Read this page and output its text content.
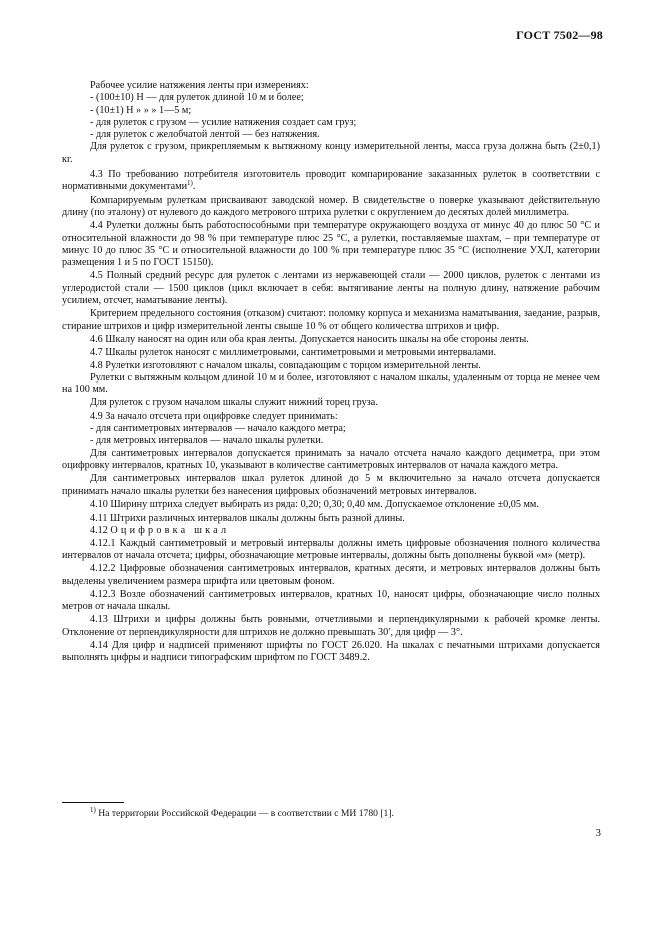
ГОСТ 7502—98

Рабочее усилие натяжения ленты при измерениях:

- (100±10) Н — для рулеток длиной 10 м и более;

- (10±1) Н » » » 1—5 м;

- для рулеток с грузом — усилие натяжения создает сам груз;

- для рулеток с желобчатой лентой — без натяжения.

Для рулеток с грузом, прикрепляемым к вытяжному концу измерительной ленты, масса груза должна быть (2±0,1) кг.

4.3 По требованию потребителя изготовитель проводит компарирование заказанных рулеток в соответствии с нормативными документами$^{1)}$.

Компарируемым рулеткам присваивают заводской номер. В свидетельстве о поверке указывают действительную длину (по эталону) от нулевого до каждого метрового штриха рулетки с округлением до десятых долей миллиметра.

4.4 Рулетки должны быть работоспособными при температуре окружающего воздуха от минус 40 до плюс 50 °С и относительной влажности до 98 % при температуре плюс 25 °С, а рулетки, поставляемые шахтам, – при температуре от минус 10 до плюс 35 °С и относительной влажности до 100 % при температуре плюс 35 °С (исполнение УХЛ, категории размещения 1 и 5 по ГОСТ 15150).

4.5 Полный средний ресурс для рулеток с лентами из нержавеющей стали — 2000 циклов, рулеток с лентами из углеродистой стали — 1500 циклов (цикл включает в себя: вытягивание ленты на полную длину, натяжение рабочим усилием, отсчет, наматывание ленты).

Критерием предельного состояния (отказом) считают: поломку корпуса и механизма наматывания, заедание, разрыв, стирание штрихов и цифр измерительной ленты свыше 10 % от общего количества штрихов и цифр.

4.6 Шкалу наносят на один или оба края ленты. Допускается наносить шкалы на обе стороны ленты.

4.7 Шкалы рулеток наносят с миллиметровыми, сантиметровыми и метровыми интервалами.

4.8 Рулетки изготовляют с началом шкалы, совпадающим с торцом измерительной ленты.

Рулетки с вытяжным кольцом длиной 10 м и более, изготовляют с началом шкалы, удаленным от торца не менее чем на 100 мм.

Для рулеток с грузом началом шкалы служит нижний торец груза.

4.9 За начало отсчета при оцифровке следует принимать:

- для сантиметровых интервалов — начало каждого метра;

- для метровых интервалов — начало шкалы рулетки.

Для сантиметровых интервалов допускается принимать за начало отсчета начало каждого дециметра, при этом оцифровку интервалов, кратных 10, указывают в количестве сантиметровых интервалов от начала каждого метра.

Для сантиметровых интервалов шкал рулеток длиной до 5 м включительно за начало отсчета допускается принимать начало шкалы рулетки без нанесения цифровых обозначений метровых интервалов.

4.10 Ширину штриха следует выбирать из ряда: 0,20; 0,30; 0,40 мм. Допускаемое отклонение ±0,05 мм.

4.11 Штрихи различных интервалов шкалы должны быть разной длины.

4.12 Оцифровка шкал

4.12.1 Каждый сантиметровый и метровый интервалы должны иметь цифровые обозначения полного количества интервалов от начала отсчета; цифры, обозначающие метровые интервалы, должны быть дополнены буквой «м» (метр).

4.12.2 Цифровые обозначения сантиметровых интервалов, кратных десяти, и метровых интервалов должны быть выделены увеличением размера шрифта или цветовым фоном.

4.12.3 Возле обозначений сантиметровых интервалов, кратных 10, наносят цифры, обозначающие число полных метров от начала шкалы.

4.13 Штрихи и цифры должны быть ровными, отчетливыми и перпендикулярными к рабочей кромке ленты. Отклонение от перпендикулярности для штрихов не должно превышать 30′, для цифр — 3°.

4.14 Для цифр и надписей применяют шрифты по ГОСТ 26.020. На шкалах с печатными штрихами допускается выполнять цифры и надписи типографским шрифтом по ГОСТ 3489.2.

$^{1)}$ На территории Российской Федерации — в соответствии с МИ 1780 [1].
3
